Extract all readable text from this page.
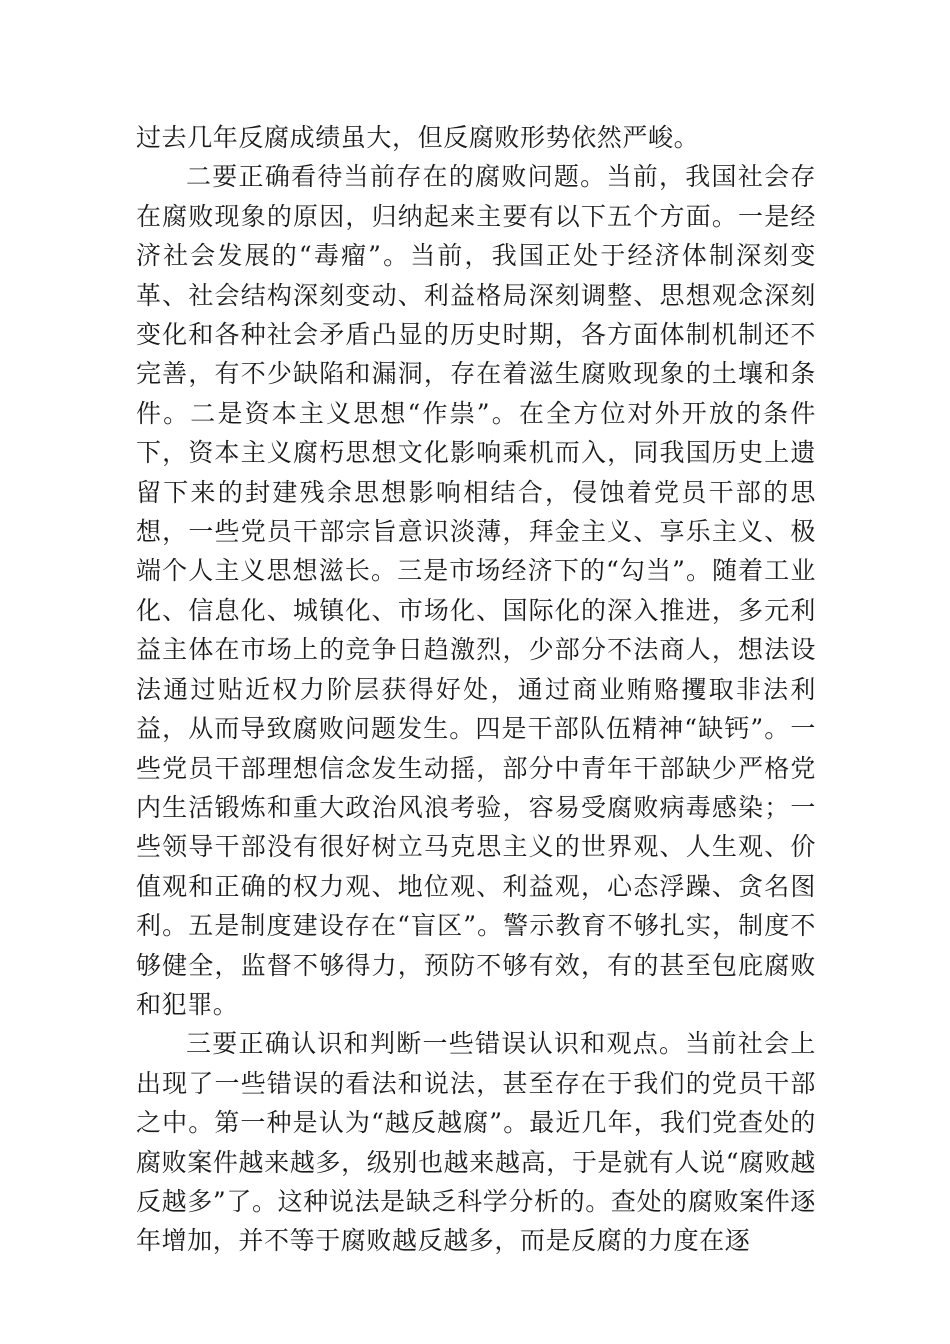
过去几年反腐成绩虽大，但反腐败形势依然严峻。

二要正确看待当前存在的腐败问题。当前，我国社会存在腐败现象的原因，归纳起来主要有以下五个方面。一是经济社会发展的“毒瘤”。当前，我国正处于经济体制深刻变革、社会结构深刻变动、利益格局深刻调整、思想观念深刻变化和各种社会矛盾凸显的历史时期，各方面体制机制还不完善，有不少缺陷和漏洞，存在着滋生腐败现象的土壤和条件。二是资本主义思想“作祟”。在全方位对外开放的条件下，资本主义腐朽思想文化影响乘机而入，同我国历史上遗留下来的封建残余思想影响相结合，侵蚀着党员干部的思想，一些党员干部宗旨意识淡薄，拜金主义、享乐主义、极端个人主义思想滋长。三是市场经济下的“勾当”。随着工业化、信息化、城镇化、市场化、国际化的深入推进，多元利益主体在市场上的竞争日趋激烈，少部分不法商人，想法设法通过贴近权力阶层获得好处，通过商业贿赂攫取非法利益，从而导致腐败问题发生。四是干部队伍精神“缺钙”。一些党员干部理想信念发生动摇，部分中青年干部缺少严格党内生活锻炼和重大政治风浪考验，容易受腐败病毒感染；一些领导干部没有很好树立马克思主义的世界观、人生观、价值观和正确的权力观、地位观、利益观，心态浮躁、贪名图利。五是制度建设存在“盲区”。警示教育不够扎实，制度不够健全，监督不够得力，预防不够有效，有的甚至包庇腐败和犯罪。

三要正确认识和判断一些错误认识和观点。当前社会上出现了一些错误的看法和说法，甚至存在于我们的党员干部之中。第一种是认为“越反越腐”。最近几年，我们党查处的腐败案件越来越多，级别也越来越高，于是就有人说“腐败越反越多”了。这种说法是缺乏科学分析的。查处的腐败案件逐年增加，并不等于腐败越反越多，而是反腐的力度在逐
